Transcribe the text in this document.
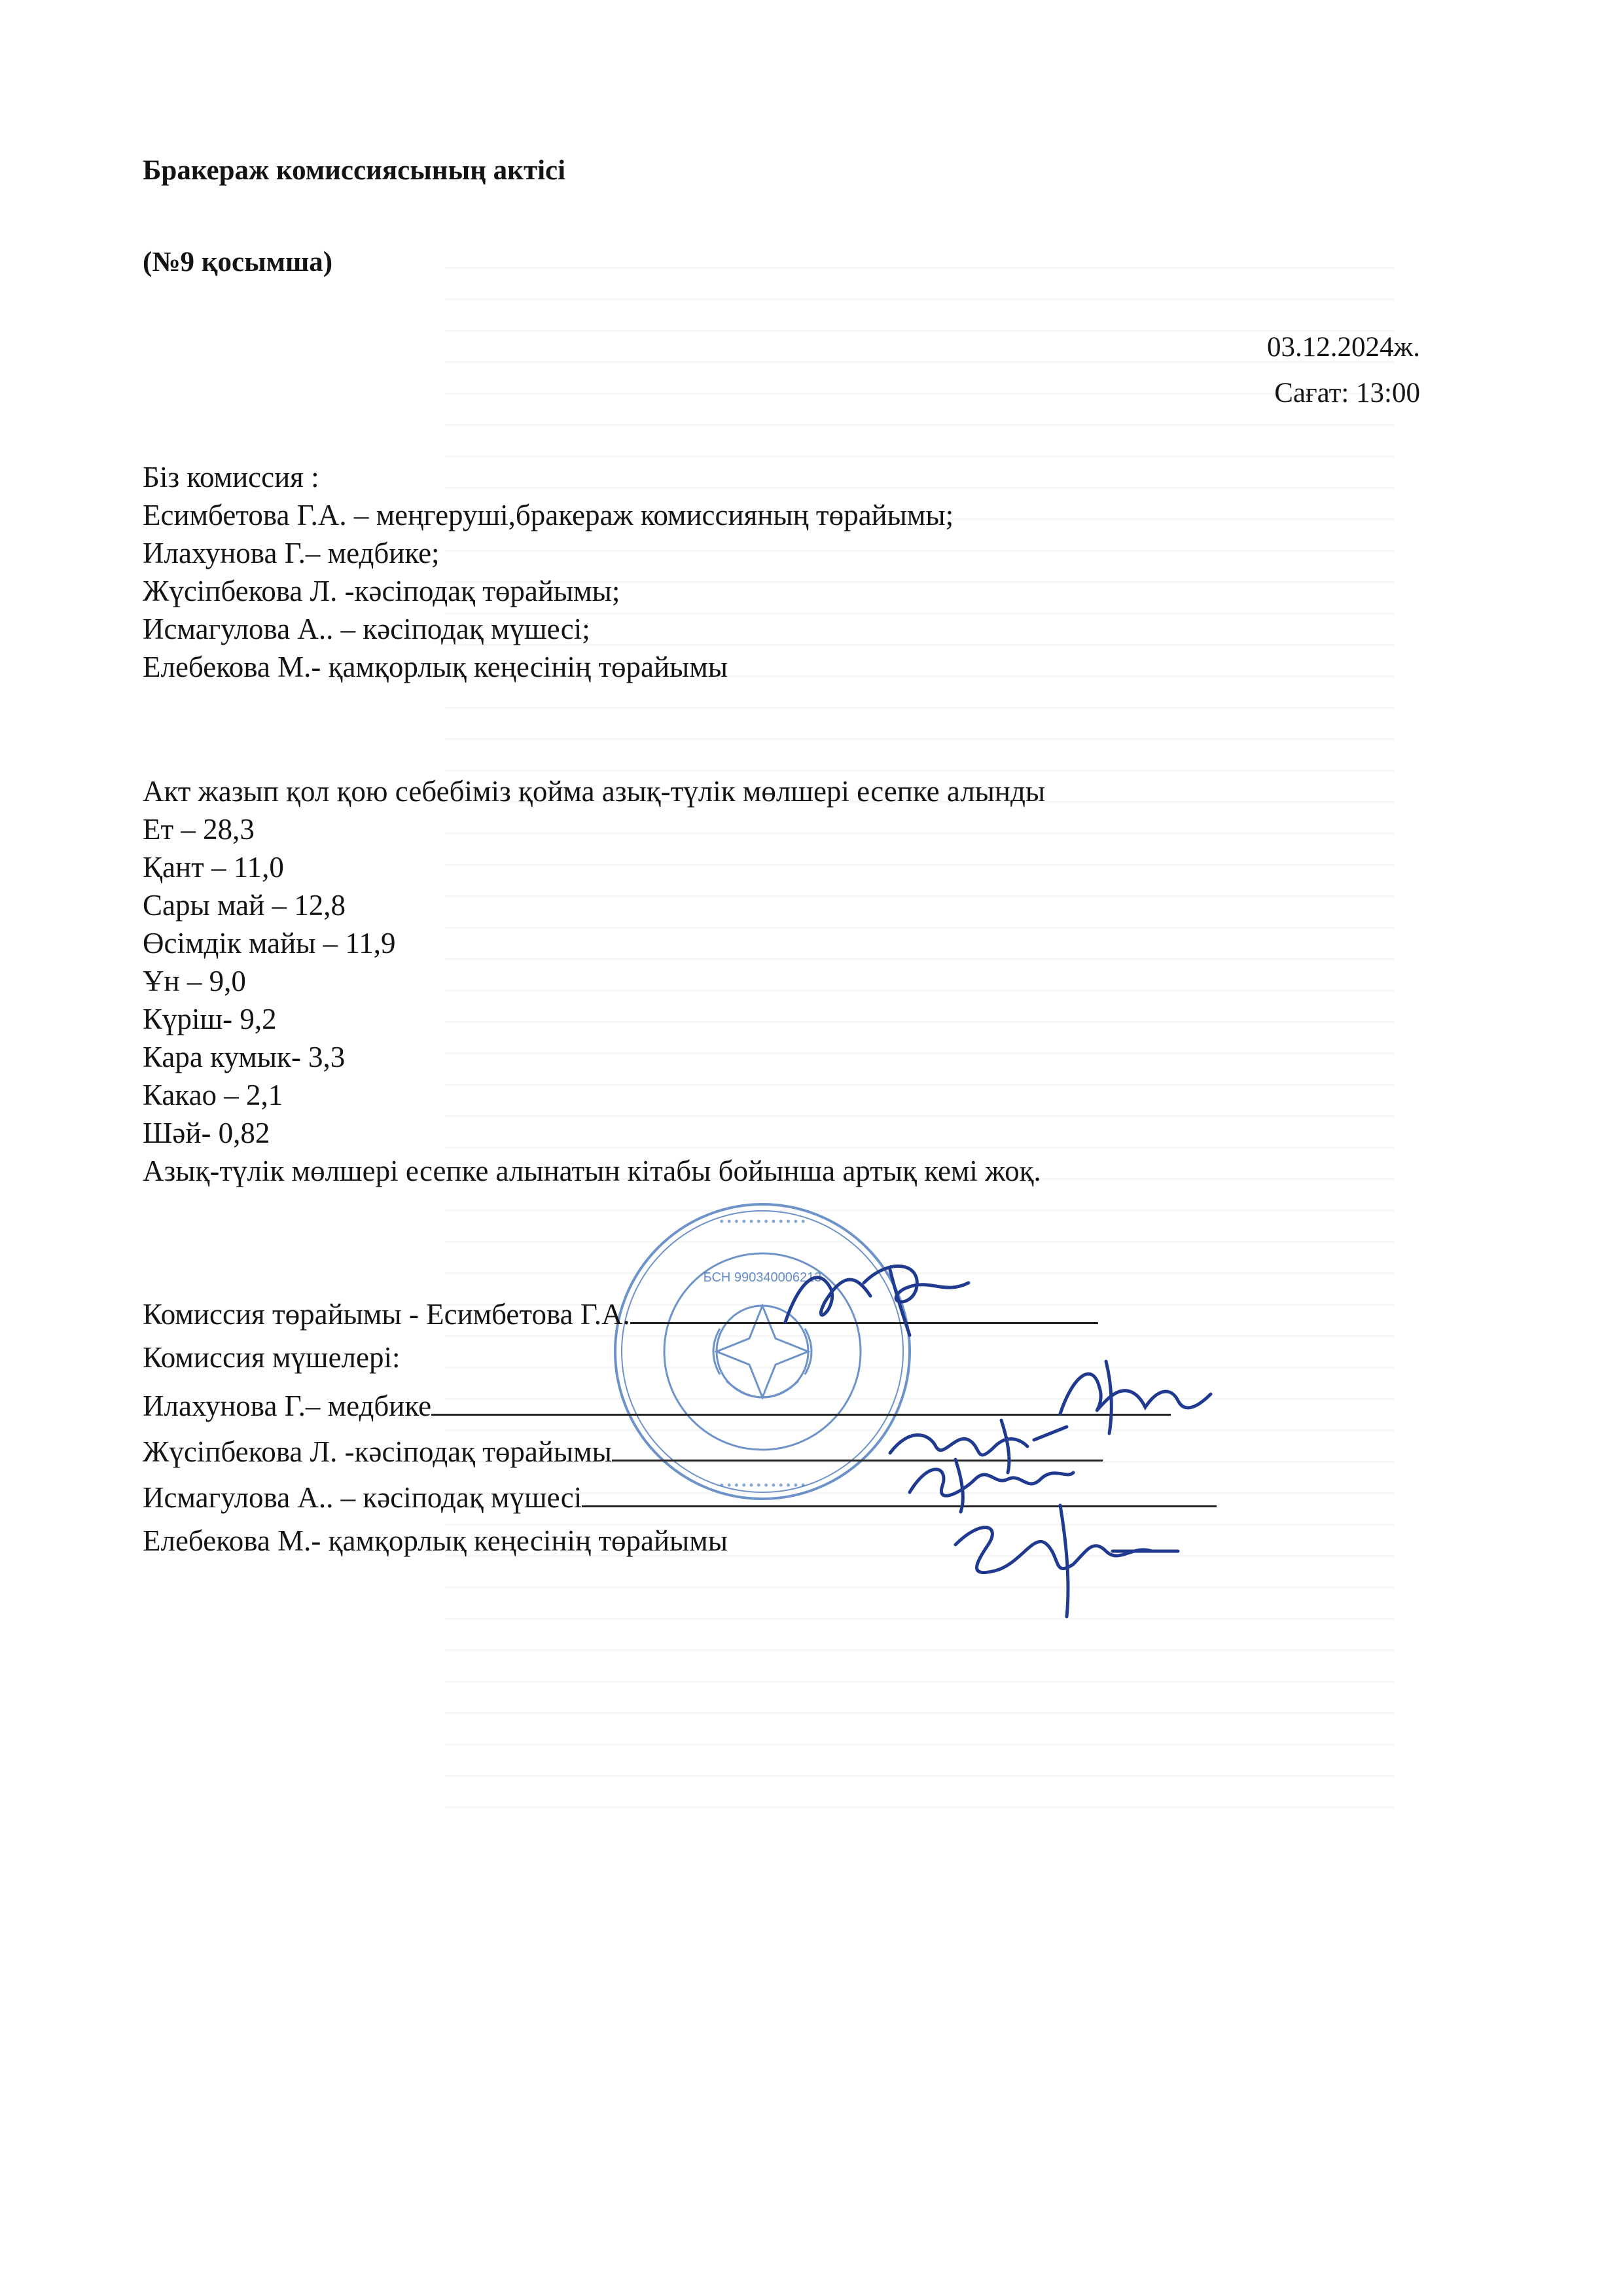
Бракераж комиссиясының актісі
(№9 қосымша)
03.12.2024ж.
Сағат: 13:00
Біз комиссия :
Есимбетова Г.А. – меңгеруші,бракераж комиссияның төрайымы;
Илахунова Г.– медбике;
Жүсіпбекова Л. -кәсіподақ төрайымы;
Исмагулова А.. – кәсіподақ мүшесі;
Елебекова М.- қамқорлық кеңесінің төрайымы
Акт жазып қол қою себебіміз қойма азық-түлік мөлшері есепке алынды
Ет – 28,3
Қант – 11,0
Сары май – 12,8
Өсімдік майы – 11,9
Ұн – 9,0
Күріш- 9,2
Кара кумык- 3,3
Какао – 2,1
Шәй- 0,82
Азық-түлік мөлшері есепке алынатын кітабы бойынша артық кемі жоқ.
БСН 990340006213
• • • • • • • • • • • •
• • • • • • • • • • • •
Комиссия төрайымы - Есимбетова Г.А.
Комиссия мүшелері:
Илахунова Г.– медбике
Жүсіпбекова Л. -кәсіподақ төрайымы
Исмагулова А.. – кәсіподақ мүшесі
Елебекова М.- қамқорлық кеңесінің төрайымы
